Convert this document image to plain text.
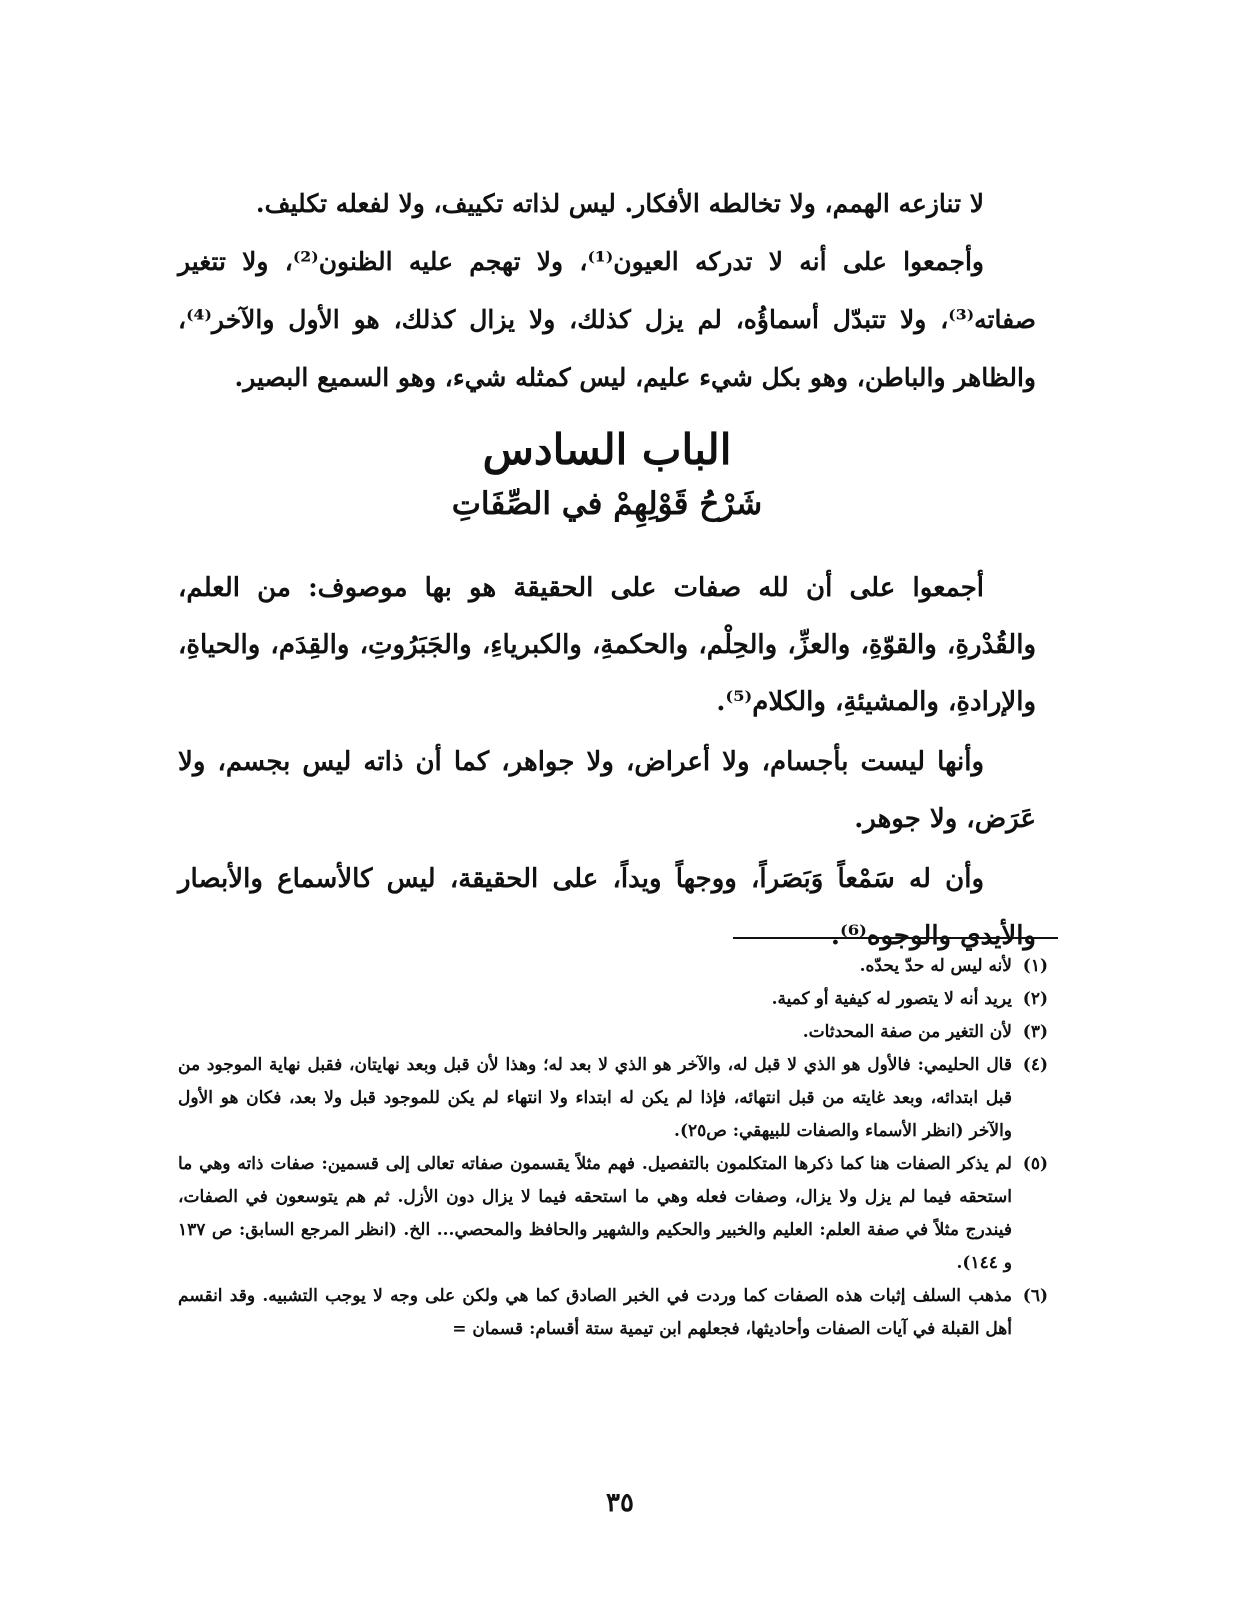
لا تنازعه الهمم، ولا تخالطه الأفكار. ليس لذاته تكييف، ولا لفعله تكليف.

وأجمعوا على أنه لا تدركه العيون⁽¹⁾، ولا تهجم عليه الظنون⁽²⁾، ولا تتغير صفاته⁽³⁾، ولا تتبدّل أسماؤُه، لم يزل كذلك، ولا يزال كذلك، هو الأول والآخر⁽⁴⁾، والظاهر والباطن، وهو بكل شيء عليم، ليس كمثله شيء، وهو السميع البصير.

الباب السادس
شَرْحُ قَوْلِهِمْ في الصِّفَاتِ

أجمعوا على أن لله صفات على الحقيقة هو بها موصوف: من العلم، والقُدْرةِ، والقوّةِ، والعزِّ، والحِلْم، والحكمةِ، والكبرياءِ، والجَبَرُوتِ، والقِدَم، والحياةِ، والإرادةِ، والمشيئةِ، والكلام⁽⁵⁾.

وأنها ليست بأجسام، ولا أعراض، ولا جواهر، كما أن ذاته ليس بجسم، ولا عَرَض، ولا جوهر.

وأن له سَمْعاً وَبَصَراً، ووجهاً ويداً، على الحقيقة، ليس كالأسماع والأبصار والأيدي والوجوه⁽⁶⁾.

(١)
لأنه ليس له حدّ يحدّه.
(٢)
يريد أنه لا يتصور له كيفية أو كمية.
(٣)
لأن التغير من صفة المحدثات.
(٤)
قال الحليمي: فالأول هو الذي لا قبل له، والآخر هو الذي لا بعد له؛ وهذا لأن قبل وبعد نهايتان، فقبل نهاية الموجود من قبل ابتدائه، وبعد غايته من قبل انتهائه، فإذا لم يكن له ابتداء ولا انتهاء لم يكن للموجود قبل ولا بعد، فكان هو الأول والآخر (انظر الأسماء والصفات للبيهقي: ص٢٥).
(٥)
لم يذكر الصفات هنا كما ذكرها المتكلمون بالتفصيل. فهم مثلاً يقسمون صفاته تعالى إلى قسمين: صفات ذاته وهي ما استحقه فيما لم يزل ولا يزال، وصفات فعله وهي ما استحقه فيما لا يزال دون الأزل. ثم هم يتوسعون في الصفات، فيندرج مثلاً في صفة العلم: العليم والخبير والحكيم والشهير والحافظ والمحصي... الخ. (انظر المرجع السابق: ص ١٣٧ و ١٤٤).
(٦)
مذهب السلف إثبات هذه الصفات كما وردت في الخبر الصادق كما هي ولكن على وجه لا يوجب التشبيه. وقد انقسم أهل القبلة في آيات الصفات وأحاديثها، فجعلهم ابن تيمية ستة أقسام: قسمان =
٣٥
